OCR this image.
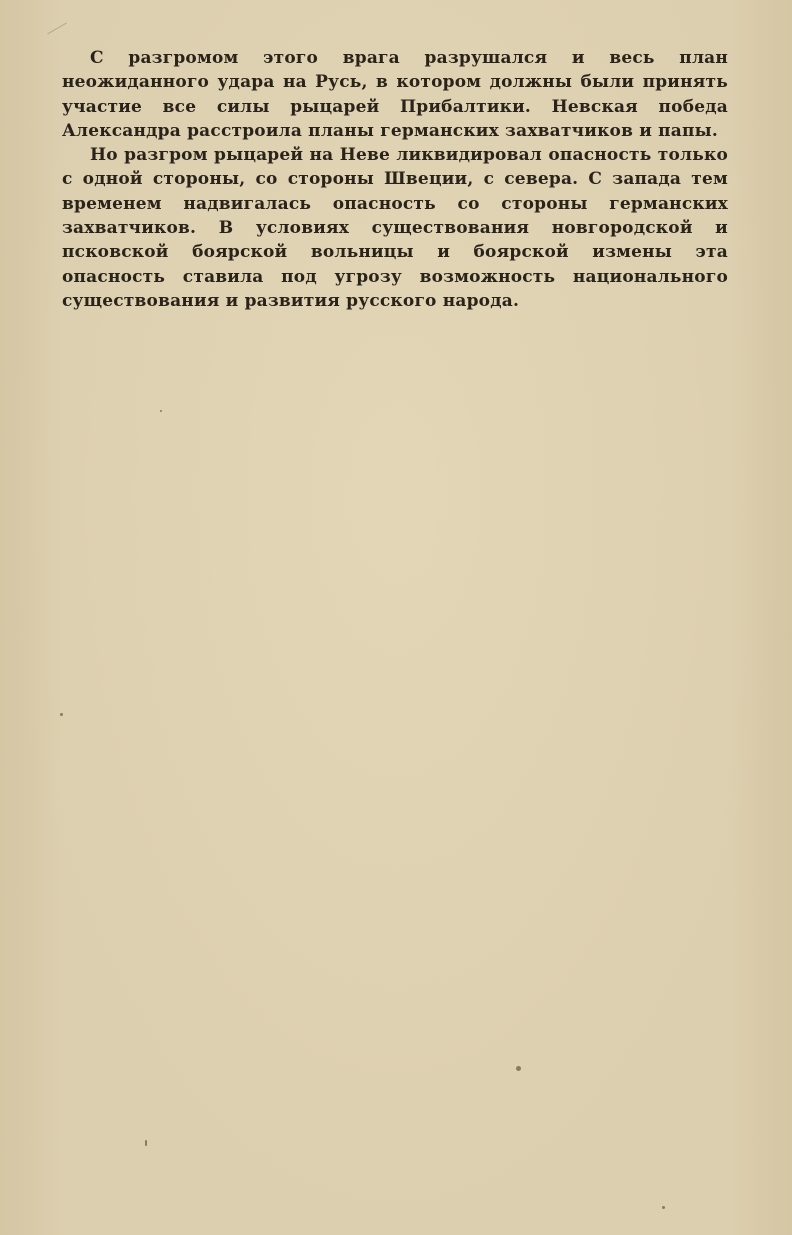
С разгромом этого врага разрушался и весь план неожиданного удара на Русь, в котором должны были принять участие все силы рыцарей Прибалтики. Невская победа Александра расстроила планы германских захватчиков и папы.

Но разгром рыцарей на Неве ликвидировал опасность только с одной стороны, со стороны Швеции, с севера. С запада тем временем надвигалась опасность со стороны германских захватчиков. В условиях существования новгородской и псковской боярской вольницы и боярской измены эта опасность ставила под угрозу возможность национального существования и развития русского народа.
